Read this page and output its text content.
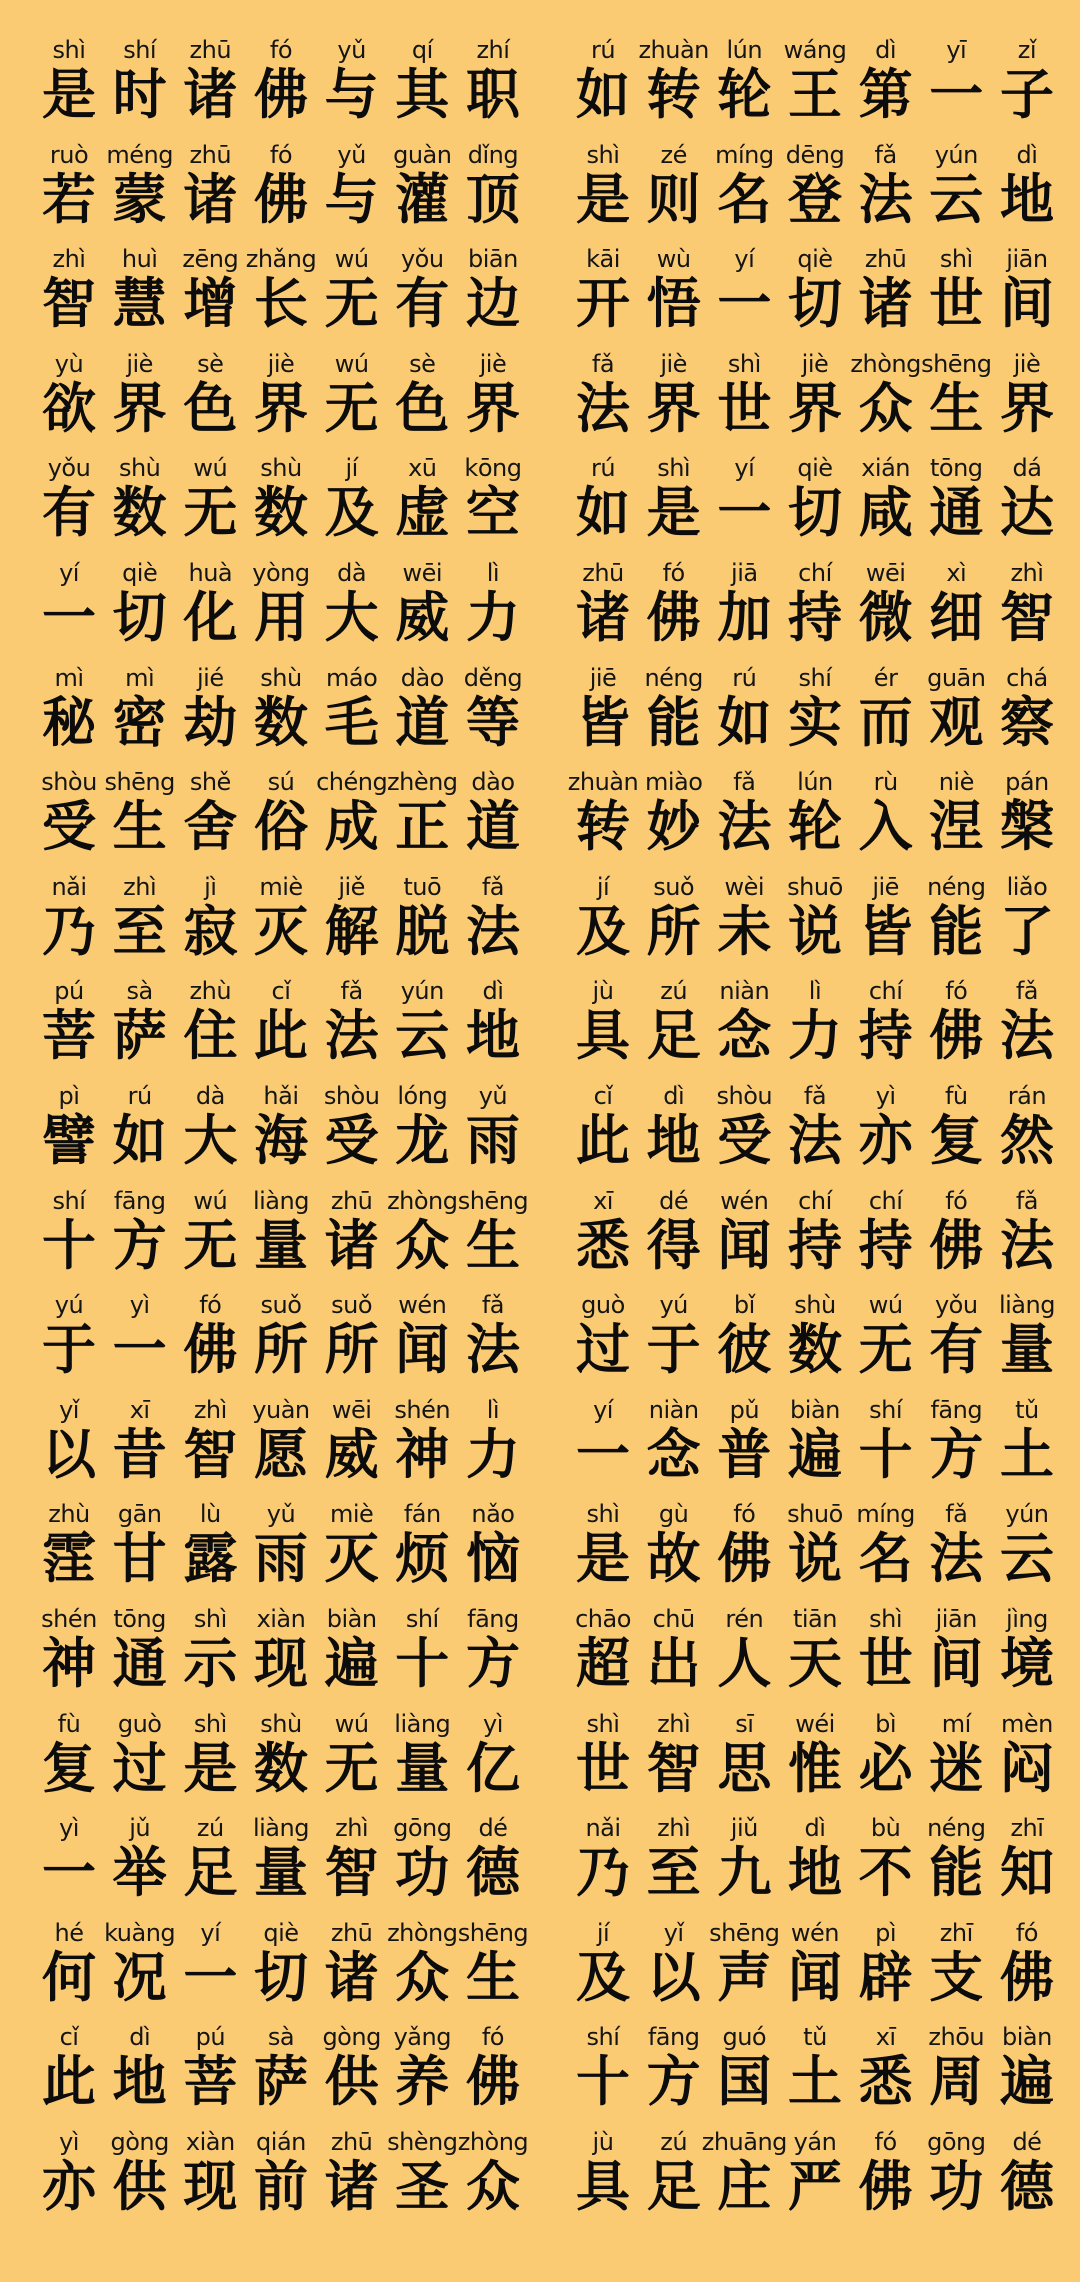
shì
是
shí
时
zhū
诸
fó
佛
yǔ
与
qí
其
zhí
职
rú
如
zhuàn
转
lún
轮
wáng
王
dì
第
yī
一
zǐ
子
ruò
若
méng
蒙
zhū
诸
fó
佛
yǔ
与
guàn
灌
dǐng
顶
shì
是
zé
则
míng
名
dēng
登
fǎ
法
yún
云
dì
地
zhì
智
huì
慧
zēng
增
zhǎng
长
wú
无
yǒu
有
biān
边
kāi
开
wù
悟
yí
一
qiè
切
zhū
诸
shì
世
jiān
间
yù
欲
jiè
界
sè
色
jiè
界
wú
无
sè
色
jiè
界
fǎ
法
jiè
界
shì
世
jiè
界
zhòng
众
shēng
生
jiè
界
yǒu
有
shù
数
wú
无
shù
数
jí
及
xū
虚
kōng
空
rú
如
shì
是
yí
一
qiè
切
xián
咸
tōng
通
dá
达
yí
一
qiè
切
huà
化
yòng
用
dà
大
wēi
威
lì
力
zhū
诸
fó
佛
jiā
加
chí
持
wēi
微
xì
细
zhì
智
mì
秘
mì
密
jié
劫
shù
数
máo
毛
dào
道
děng
等
jiē
皆
néng
能
rú
如
shí
实
ér
而
guān
观
chá
察
shòu
受
shēng
生
shě
舍
sú
俗
chéng
成
zhèng
正
dào
道
zhuàn
转
miào
妙
fǎ
法
lún
轮
rù
入
niè
涅
pán
槃
nǎi
乃
zhì
至
jì
寂
miè
灭
jiě
解
tuō
脱
fǎ
法
jí
及
suǒ
所
wèi
未
shuō
说
jiē
皆
néng
能
liǎo
了
pú
菩
sà
萨
zhù
住
cǐ
此
fǎ
法
yún
云
dì
地
jù
具
zú
足
niàn
念
lì
力
chí
持
fó
佛
fǎ
法
pì
譬
rú
如
dà
大
hǎi
海
shòu
受
lóng
龙
yǔ
雨
cǐ
此
dì
地
shòu
受
fǎ
法
yì
亦
fù
复
rán
然
shí
十
fāng
方
wú
无
liàng
量
zhū
诸
zhòng
众
shēng
生
xī
悉
dé
得
wén
闻
chí
持
chí
持
fó
佛
fǎ
法
yú
于
yì
一
fó
佛
suǒ
所
suǒ
所
wén
闻
fǎ
法
guò
过
yú
于
bǐ
彼
shù
数
wú
无
yǒu
有
liàng
量
yǐ
以
xī
昔
zhì
智
yuàn
愿
wēi
威
shén
神
lì
力
yí
一
niàn
念
pǔ
普
biàn
遍
shí
十
fāng
方
tǔ
土
zhù
霔
gān
甘
lù
露
yǔ
雨
miè
灭
fán
烦
nǎo
恼
shì
是
gù
故
fó
佛
shuō
说
míng
名
fǎ
法
yún
云
shén
神
tōng
通
shì
示
xiàn
现
biàn
遍
shí
十
fāng
方
chāo
超
chū
出
rén
人
tiān
天
shì
世
jiān
间
jìng
境
fù
复
guò
过
shì
是
shù
数
wú
无
liàng
量
yì
亿
shì
世
zhì
智
sī
思
wéi
惟
bì
必
mí
迷
mèn
闷
yì
一
jǔ
举
zú
足
liàng
量
zhì
智
gōng
功
dé
德
nǎi
乃
zhì
至
jiǔ
九
dì
地
bù
不
néng
能
zhī
知
hé
何
kuàng
况
yí
一
qiè
切
zhū
诸
zhòng
众
shēng
生
jí
及
yǐ
以
shēng
声
wén
闻
pì
辟
zhī
支
fó
佛
cǐ
此
dì
地
pú
菩
sà
萨
gòng
供
yǎng
养
fó
佛
shí
十
fāng
方
guó
国
tǔ
土
xī
悉
zhōu
周
biàn
遍
yì
亦
gòng
供
xiàn
现
qián
前
zhū
诸
shèng
圣
zhòng
众
jù
具
zú
足
zhuāng
庄
yán
严
fó
佛
gōng
功
dé
德
